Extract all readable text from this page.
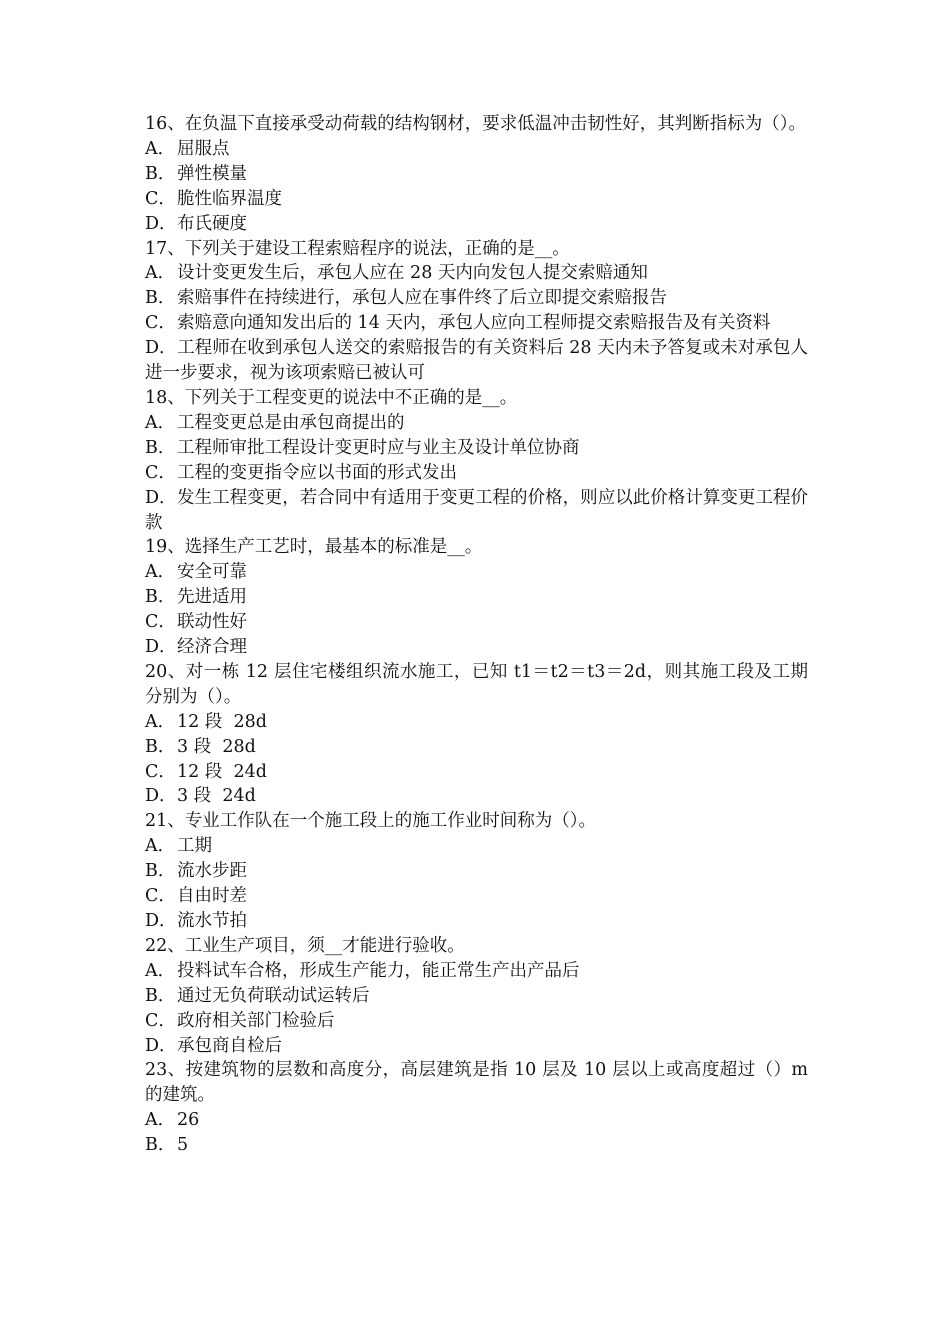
16、在负温下直接承受动荷载的结构钢材，要求低温冲击韧性好，其判断指标为（）。

A． 屈服点

B．弹性模量

C．脆性临界温度

D．布氏硬度

17、下列关于建设工程索赔程序的说法，正确的是__。

A． 设计变更发生后，承包人应在 28 天内向发包人提交索赔通知

B．索赔事件在持续进行，承包人应在事件终了后立即提交索赔报告

C．索赔意向通知发出后的 14 天内，承包人应向工程师提交索赔报告及有关资料

D．工程师在收到承包人送交的索赔报告的有关资料后 28 天内未予答复或未对承包人进一步要求，视为该项索赔已被认可

18、下列关于工程变更的说法中不正确的是__。

A． 工程变更总是由承包商提出的

B．工程师审批工程设计变更时应与业主及设计单位协商

C．工程的变更指令应以书面的形式发出

D．发生工程变更，若合同中有适用于变更工程的价格，则应以此价格计算变更工程价款

19、选择生产工艺时，最基本的标准是__。

A． 安全可靠

B．先进适用

C．联动性好

D．经济合理

20、对一栋 12 层住宅楼组织流水施工，已知 t1＝t2＝t3＝2d，则其施工段及工期分别为（）。

A． 12 段  28d

B．3 段  28d

C．12 段  24d

D．3 段  24d

21、专业工作队在一个施工段上的施工作业时间称为（）。

A． 工期

B．流水步距

C．自由时差

D．流水节拍

22、工业生产项目，须__才能进行验收。

A． 投料试车合格，形成生产能力，能正常生产出产品后

B．通过无负荷联动试运转后

C．政府相关部门检验后

D．承包商自检后

23、按建筑物的层数和高度分，高层建筑是指 10 层及 10 层以上或高度超过（）m 的建筑。

A． 26

B．5
